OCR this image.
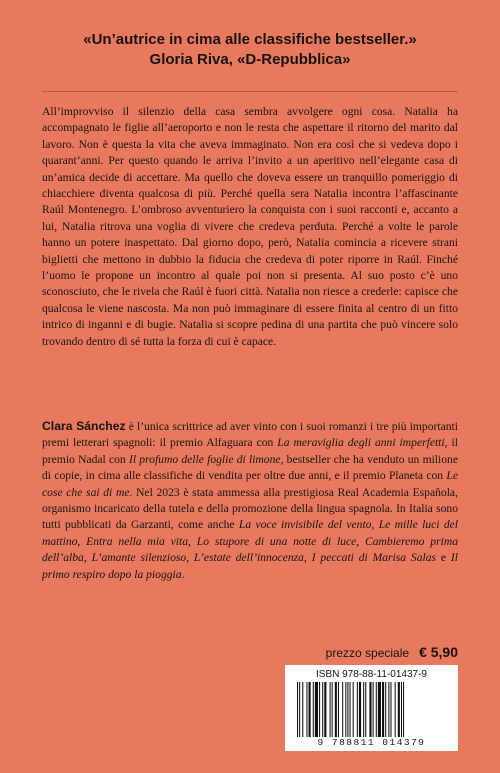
«Un’autrice in cima alle classifiche bestseller.»
Gloria Riva, «D-Repubblica»

All’improvviso il silenzio della casa sembra avvolgere ogni cosa. Natalia ha accompagnato le figlie all’aeroporto e non le resta che aspettare il ritorno del marito dal lavoro. Non è questa la vita che aveva immaginato. Non era così che si vedeva dopo i quarant’anni. Per questo quando le arriva l’invito a un aperitivo nell’elegante casa di un’amica decide di accettare. Ma quello che doveva essere un tranquillo pomeriggio di chiacchiere diventa qualcosa di più. Perché quella sera Natalia incontra l’affascinante Raúl Montenegro. L’ombroso avventuriero la conquista con i suoi racconti e, accanto a lui, Natalia ritrova una voglia di vivere che credeva perduta. Perché a volte le parole hanno un potere inaspettato. Dal giorno dopo, però, Natalia comincia a ricevere strani biglietti che mettono in dubbio la fiducia che credeva di poter riporre in Raúl. Finché l’uomo le propone un incontro al quale poi non si presenta. Al suo posto c’è uno sconosciuto, che le rivela che Raúl è fuori città. Natalia non riesce a crederle: capisce che qualcosa le viene nascosta. Ma non può immaginare di essere finita al centro di un fitto intrico di inganni e di bugie. Natalia si scopre pedina di una partita che può vincere solo trovando dentro di sé tutta la forza di cui è capace.

Clara Sánchez è l’unica scrittrice ad aver vinto con i suoi romanzi i tre più importanti premi letterari spagnoli: il premio Alfaguara con La meraviglia degli anni imperfetti, il premio Nadal con Il profumo delle foglie di limone, bestseller che ha venduto un milione di copie, in cima alle classifiche di vendita per oltre due anni, e il premio Planeta con Le cose che sai di me. Nel 2023 è stata ammessa alla prestigiosa Real Academia Española, organismo incaricato della tutela e della promozione della lingua spagnola. In Italia sono tutti pubblicati da Garzanti, come anche La voce invisibile del vento, Le mille luci del mattino, Entra nella mia vita, Lo stupore di una notte di luce, Cambieremo prima dell’alba, L’amante silenzioso, L’estate dell’innocenza, I peccati di Marisa Salas e Il primo respiro dopo la pioggia.

prezzo speciale € 5,90
ISBN 978-88-11-01437-9
9 788811 014379
